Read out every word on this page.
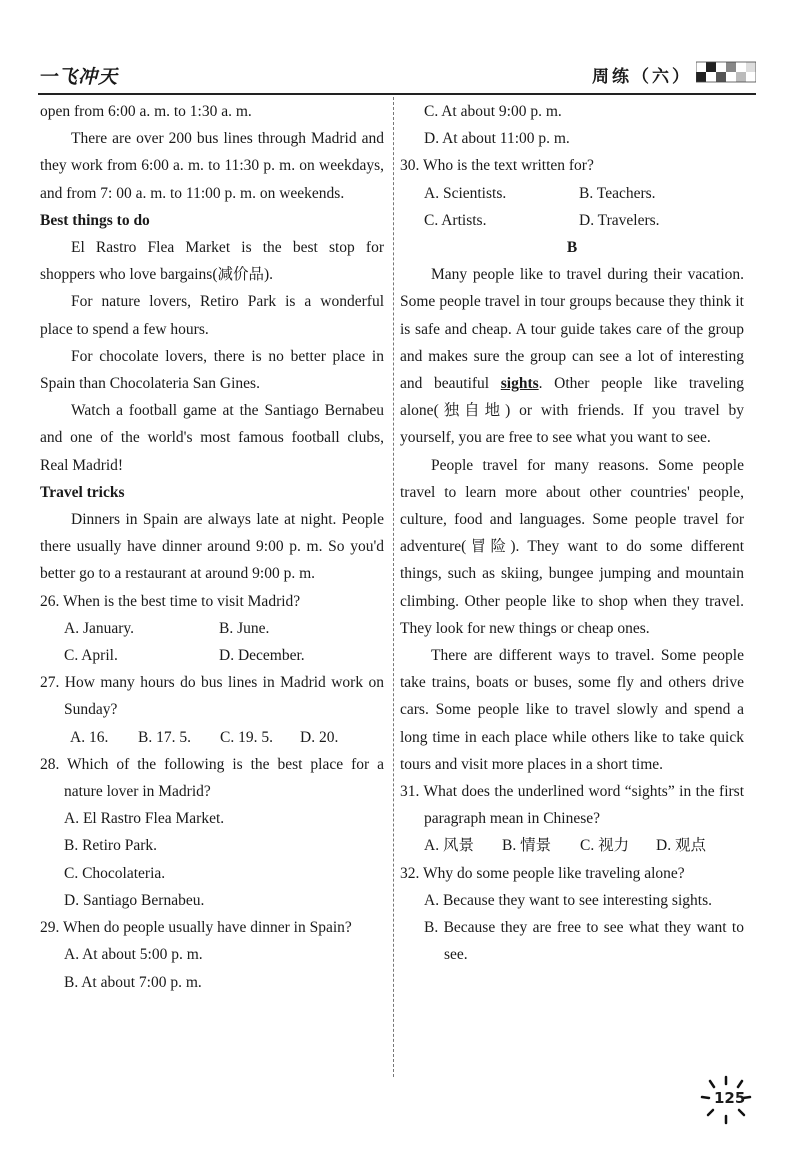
一飞冲天	周练（六）

open from 6:00 a. m. to 1:30 a. m.

There are over 200 bus lines through Madrid and they work from 6:00 a. m. to 11:30 p. m. on weekdays, and from 7: 00 a. m. to 11:00 p. m. on weekends.

Best things to do

El Rastro Flea Market is the best stop for shoppers who love bargains(减价品).

For nature lovers, Retiro Park is a wonderful place to spend a few hours.

For chocolate lovers, there is no better place in Spain than Chocolateria San Gines.

Watch a football game at the Santiago Bernabeu and one of the world's most famous football clubs, Real Madrid!

Travel tricks

Dinners in Spain are always late at night. People there usually have dinner around 9:00 p. m. So you'd better go to a restaurant at around 9:00 p. m.

26. When is the best time to visit Madrid?

A. January.	B. June.
C. April.	D. December.

27. How many hours do bus lines in Madrid work on Sunday?

A. 16.	B. 17. 5.	C. 19. 5.	D. 20.

28. Which of the following is the best place for a nature lover in Madrid?

A. El Rastro Flea Market.

B. Retiro Park.

C. Chocolateria.

D. Santiago Bernabeu.

29. When do people usually have dinner in Spain?

A. At about 5:00 p. m.

B. At about 7:00 p. m.

C. At about 9:00 p. m.

D. At about 11:00 p. m.

30. Who is the text written for?

A. Scientists.	B. Teachers.
C. Artists.	D. Travelers.

B

Many people like to travel during their vacation. Some people travel in tour groups because they think it is safe and cheap. A tour guide takes care of the group and makes sure the group can see a lot of interesting and beautiful sights. Other people like traveling alone(独自地) or with friends. If you travel by yourself, you are free to see what you want to see.

People travel for many reasons. Some people travel to learn more about other countries' people, culture, food and languages. Some people travel for adventure(冒险). They want to do some different things, such as skiing, bungee jumping and mountain climbing. Other people like to shop when they travel. They look for new things or cheap ones.

There are different ways to travel. Some people take trains, boats or buses, some fly and others drive cars. Some people like to travel slowly and spend a long time in each place while others like to take quick tours and visit more places in a short time.

31. What does the underlined word “sights” in the first paragraph mean in Chinese?

A. 风景	B. 情景	C. 视力	D. 观点

32. Why do some people like traveling alone?

A. Because they want to see interesting sights.

B. Because they are free to see what they want to see.

125
